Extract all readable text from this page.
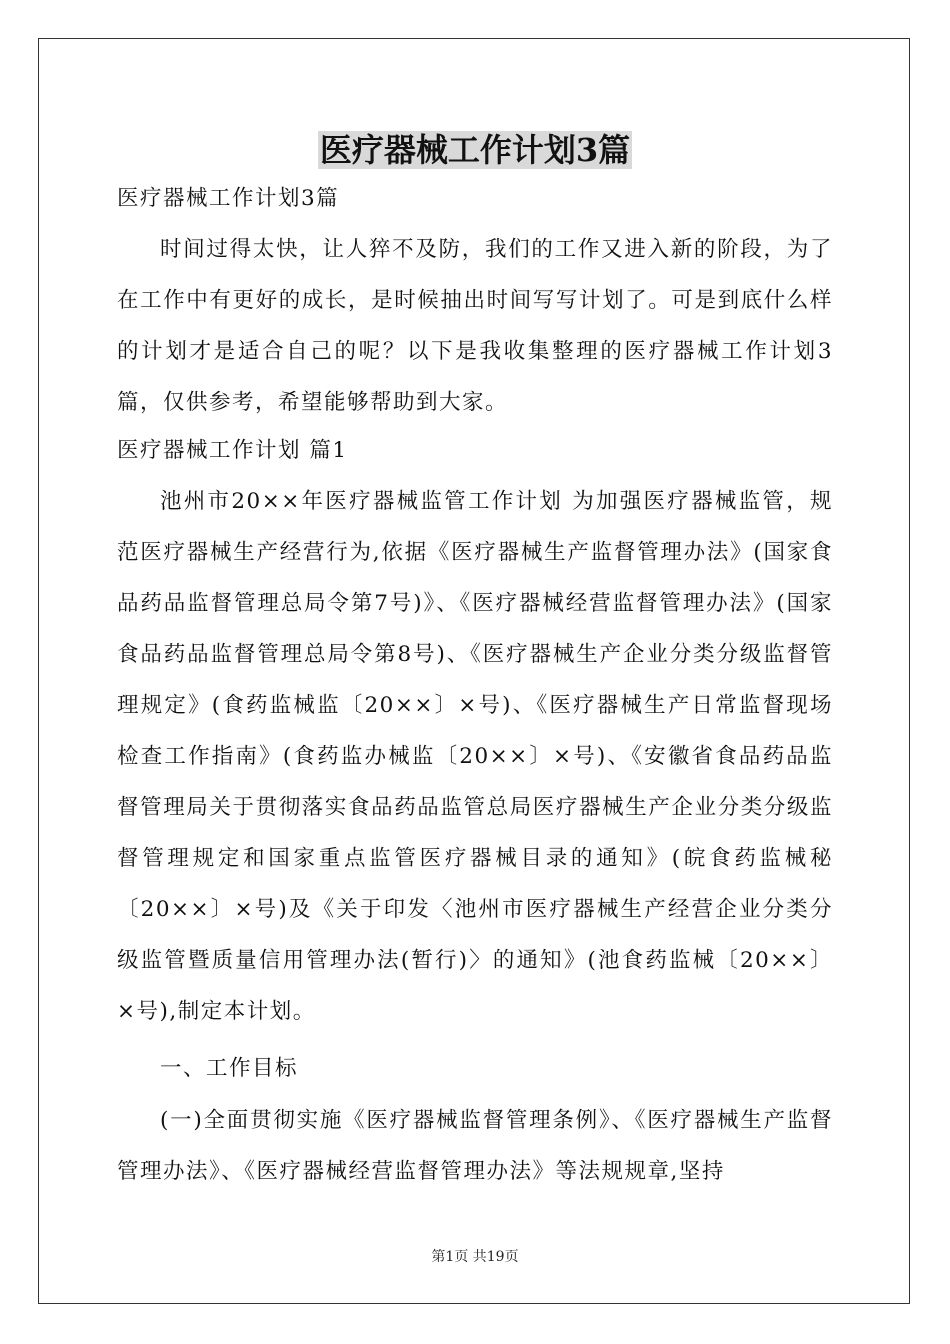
医疗器械工作计划3篇

医疗器械工作计划3篇

时间过得太快，让人猝不及防，我们的工作又进入新的阶段，为了在工作中有更好的成长，是时候抽出时间写写计划了。可是到底什么样的计划才是适合自己的呢？以下是我收集整理的医疗器械工作计划3篇，仅供参考，希望能够帮助到大家。

医疗器械工作计划 篇1

池州市20××年医疗器械监管工作计划 为加强医疗器械监管，规范医疗器械生产经营行为,依据《医疗器械生产监督管理办法》(国家食品药品监督管理总局令第7号)》、《医疗器械经营监督管理办法》(国家食品药品监督管理总局令第8号)、《医疗器械生产企业分类分级监督管理规定》(食药监械监〔20××〕×号)、《医疗器械生产日常监督现场检查工作指南》(食药监办械监〔20××〕×号)、《安徽省食品药品监督管理局关于贯彻落实食品药品监管总局医疗器械生产企业分类分级监督管理规定和国家重点监管医疗器械目录的通知》(皖食药监械秘〔20××〕×号)及《关于印发〈池州市医疗器械生产经营企业分类分级监管暨质量信用管理办法(暂行)〉的通知》(池食药监械〔20××〕×号),制定本计划。

一、工作目标

(一)全面贯彻实施《医疗器械监督管理条例》、《医疗器械生产监督管理办法》、《医疗器械经营监督管理办法》等法规规章,坚持

第1页 共19页
